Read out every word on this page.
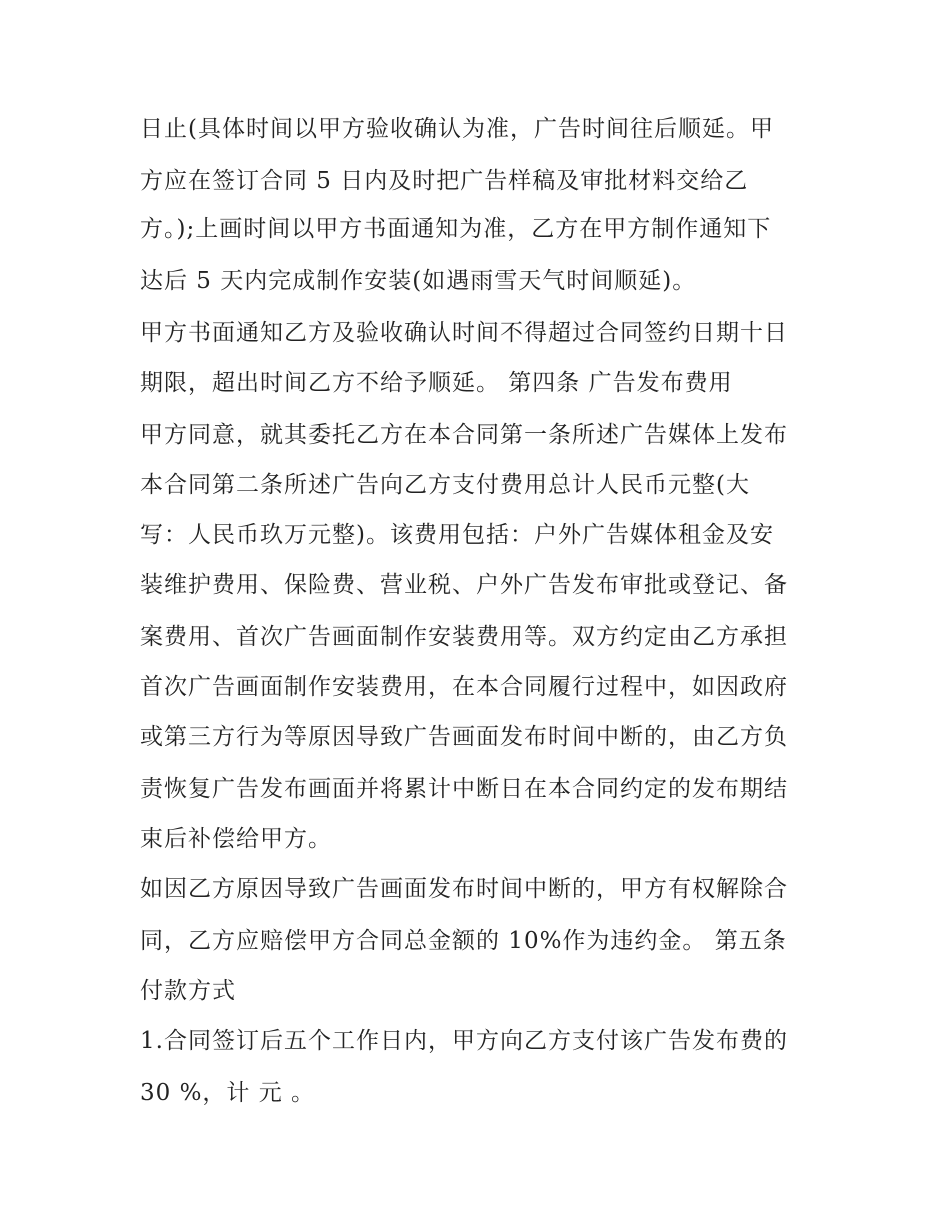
日止(具体时间以甲方验收确认为准，广告时间往后顺延。甲
方应在签订合同 5 日内及时把广告样稿及审批材料交给乙
方。);上画时间以甲方书面通知为准，乙方在甲方制作通知下
达后 5 天内完成制作安装(如遇雨雪天气时间顺延)。
甲方书面通知乙方及验收确认时间不得超过合同签约日期十日
期限，超出时间乙方不给予顺延。 第四条 广告发布费用
甲方同意，就其委托乙方在本合同第一条所述广告媒体上发布
本合同第二条所述广告向乙方支付费用总计人民币元整(大
写：人民币玖万元整)。该费用包括：户外广告媒体租金及安
装维护费用、保险费、营业税、户外广告发布审批或登记、备
案费用、首次广告画面制作安装费用等。双方约定由乙方承担
首次广告画面制作安装费用，在本合同履行过程中，如因政府
或第三方行为等原因导致广告画面发布时间中断的，由乙方负
责恢复广告发布画面并将累计中断日在本合同约定的发布期结
束后补偿给甲方。
如因乙方原因导致广告画面发布时间中断的，甲方有权解除合
同，乙方应赔偿甲方合同总金额的 10%作为违约金。 第五条
付款方式
1.合同签订后五个工作日内，甲方向乙方支付该广告发布费的
30 %，计 元 。
